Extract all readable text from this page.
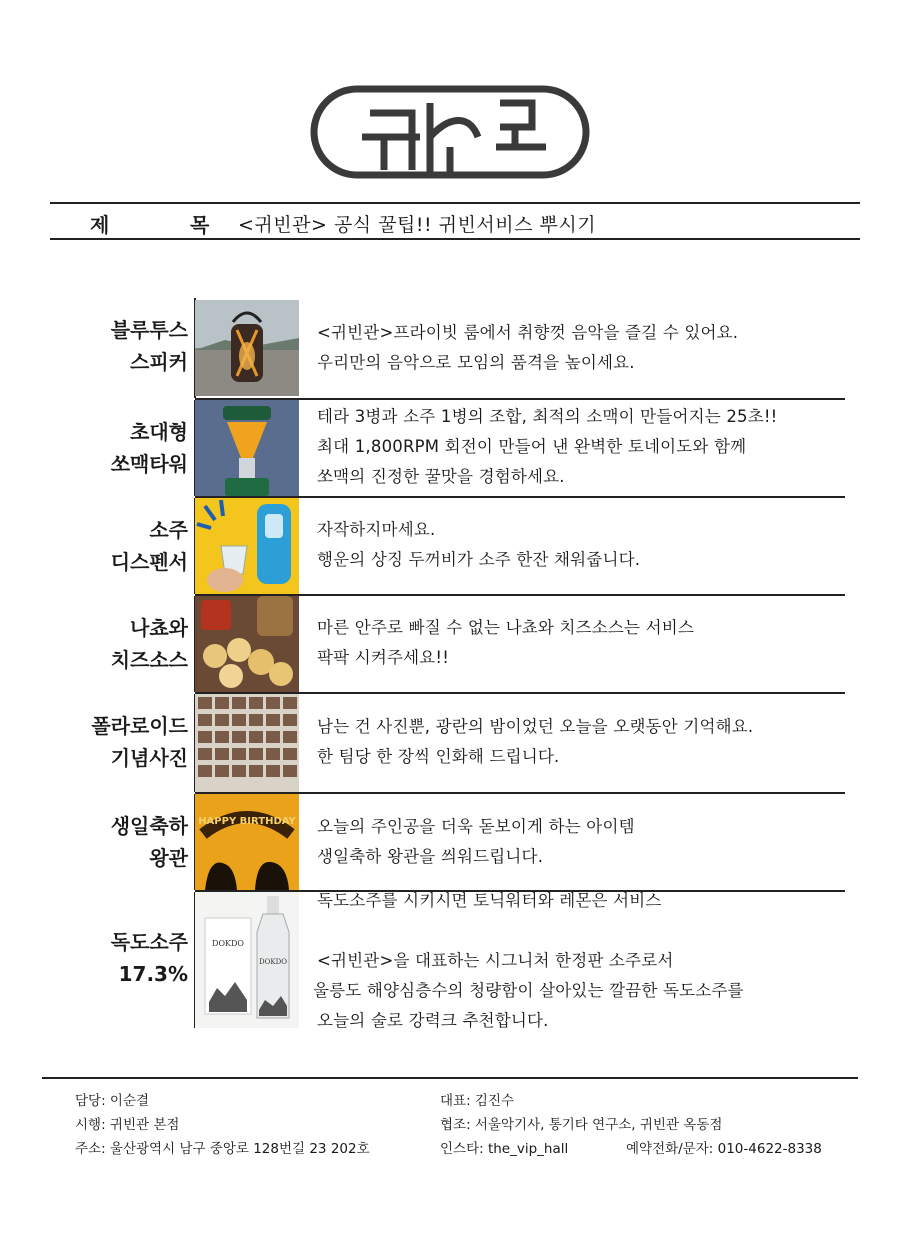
제	목 <귀빈관> 공식 꿀팁!! 귀빈서비스 뿌시기
블루투스
스피커

<귀빈관>프라이빗 룸에서 취향껏 음악을 즐길 수 있어요.

우리만의 음악으로 모임의 품격을 높이세요.

초대형
쏘맥타워

테라 3병과 소주 1병의 조합, 최적의 소맥이 만들어지는 25초!!

최대 1,800RPM 회전이 만들어 낸 완벽한 토네이도와 함께

쏘맥의 진정한 꿀맛을 경험하세요.

소주
디스펜서

자작하지마세요.

행운의 상징 두꺼비가 소주 한잔 채워줍니다.

나쵸와
치즈소스

마른 안주로 빠질 수 없는 나쵸와 치즈소스는 서비스

팍팍 시켜주세요!!

폴라로이드
기념사진

남는 건 사진뿐, 광란의 밤이었던 오늘을 오랫동안 기억해요.

한 팀당 한 장씩 인화해 드립니다.

생일축하
왕관
HAPPY BIRTHDAY 오늘의 주인공을 더욱 돋보이게 하는 아이템

생일축하 왕관을 씌워드립니다.

독도소주
17.3%
DOKDO
DOKDO

독도소주를 시키시면 토닉워터와 레몬은 서비스

<귀빈관>을 대표하는 시그니처 한정판 소주로서

울릉도 해양심층수의 청량함이 살아있는 깔끔한 독도소주를

오늘의 술로 강력크 추천합니다.

담당: 이순결
시행: 귀빈관 본점
주소: 울산광역시 남구 중앙로 128번길 23 202호
대표: 김진수
협조: 서울악기사, 통기타 연구소, 귀빈관 옥동점
인스타: the_vip_hall	예약전화/문자: 010-4622-8338
